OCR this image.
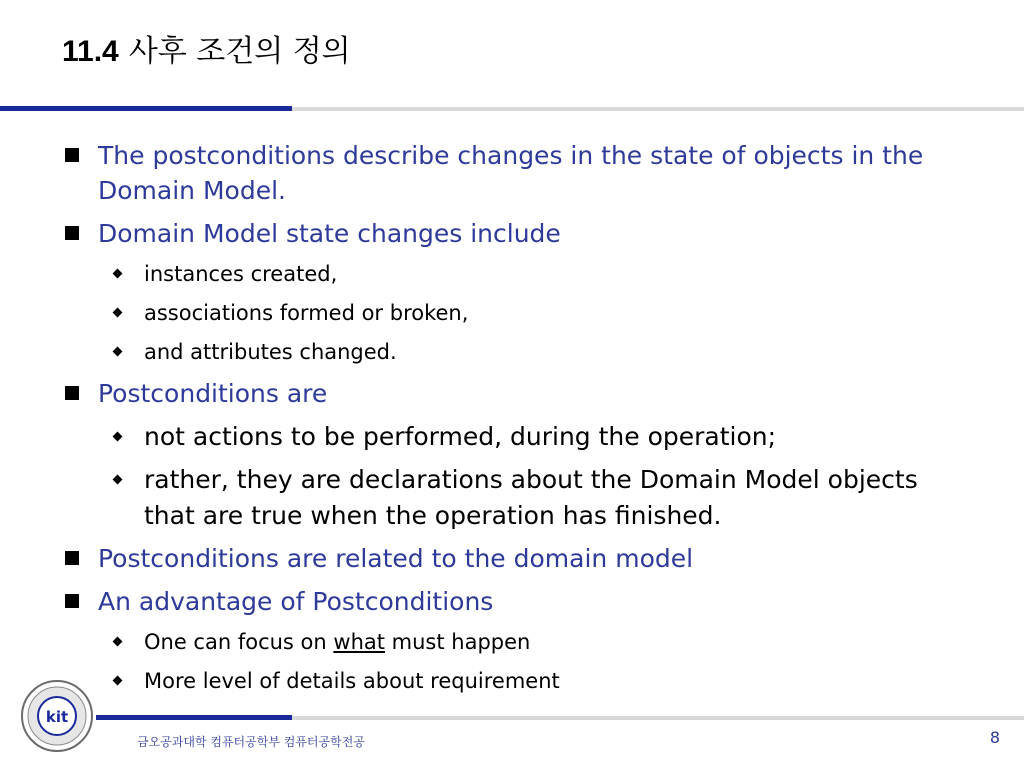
11.4 사후 조건의 정의
The postconditions describe changes in the state of objects in the Domain Model.
Domain Model state changes include
instances created,
associations formed or broken,
and attributes changed.
Postconditions are
not actions to be performed, during the operation;
rather, they are declarations about the Domain Model objects that are true when the operation has finished.
Postconditions are related to the domain model
An advantage of Postconditions
One can focus on what must happen
More level of details about requirement
kit
금오공과대학 컴퓨터공학부 컴퓨터공학전공	8
